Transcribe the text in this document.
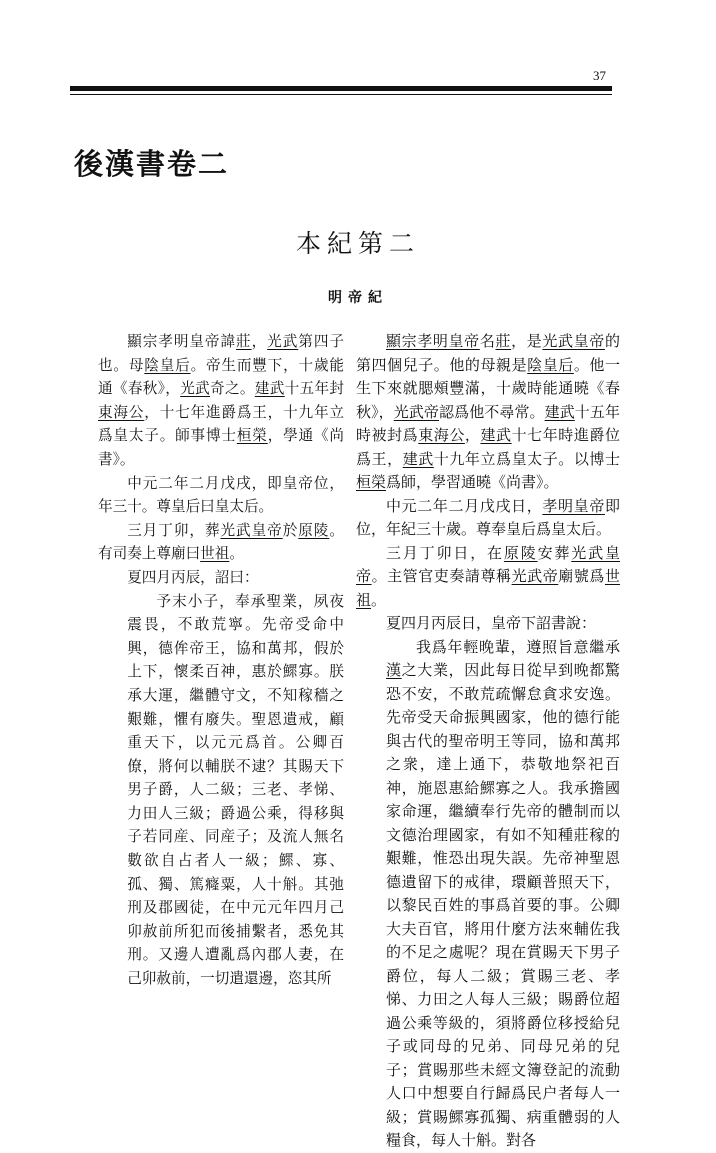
37
後漢書卷二
本紀第二
明帝紀

顯宗孝明皇帝諱莊，光武第四子也。母陰皇后。帝生而豐下，十歲能通《春秋》，光武奇之。建武十五年封東海公，十七年進爵爲王，十九年立爲皇太子。師事博士桓榮，學通《尚書》。

中元二年二月戊戌，即皇帝位，年三十。尊皇后曰皇太后。

三月丁卯，葬光武皇帝於原陵。有司奏上尊廟曰世祖。

夏四月丙辰，詔曰：

予末小子，奉承聖業，夙夜震畏，不敢荒寧。先帝受命中興，德侔帝王，協和萬邦，假於上下，懷柔百神，惠於鰥寡。朕承大運，繼體守文，不知稼穡之艱難，懼有廢失。聖恩遺戒，顧重天下，以元元爲首。公卿百僚，將何以輔朕不逮？其賜天下男子爵，人二級；三老、孝悌、力田人三級；爵過公乘，得移與子若同産、同産子；及流人無名數欲自占者人一級；鰥、寡、孤、獨、篤癃粟，人十斛。其弛刑及郡國徒，在中元元年四月己卯赦前所犯而後捕繫者，悉免其刑。又邊人遭亂爲內郡人妻，在己卯赦前，一切遣還邊，恣其所

顯宗孝明皇帝名莊，是光武皇帝的第四個兒子。他的母親是陰皇后。他一生下來就腮頰豐滿，十歲時能通曉《春秋》，光武帝認爲他不尋常。建武十五年時被封爲東海公，建武十七年時進爵位爲王，建武十九年立爲皇太子。以博士桓榮爲師，學習通曉《尚書》。

中元二年二月戊戌日，孝明皇帝即位，年紀三十歲。尊奉皇后爲皇太后。

三月丁卯日，在原陵安葬光武皇帝。主管官吏奏請尊稱光武帝廟號爲世祖。

夏四月丙辰日，皇帝下詔書說：

我爲年輕晚輩，遵照旨意繼承漢之大業，因此每日從早到晚都驚恐不安，不敢荒疏懈怠貪求安逸。先帝受天命振興國家，他的德行能與古代的聖帝明王等同，協和萬邦之衆，達上通下，恭敬地祭祀百神，施恩惠給鰥寡之人。我承擔國家命運，繼續奉行先帝的體制而以文德治理國家，有如不知種莊稼的艱難，惟恐出現失誤。先帝神聖恩德遺留下的戒律，環顧普照天下，以黎民百姓的事爲首要的事。公卿大夫百官，將用什麼方法來輔佐我的不足之處呢？現在賞賜天下男子爵位，每人二級；賞賜三老、孝悌、力田之人每人三級；賜爵位超過公乘等級的，須將爵位移授給兒子或同母的兄弟、同母兄弟的兒子；賞賜那些未經文簿登記的流動人口中想要自行歸爲民户者每人一級；賞賜鰥寡孤獨、病重體弱的人糧食，每人十斛。對各
